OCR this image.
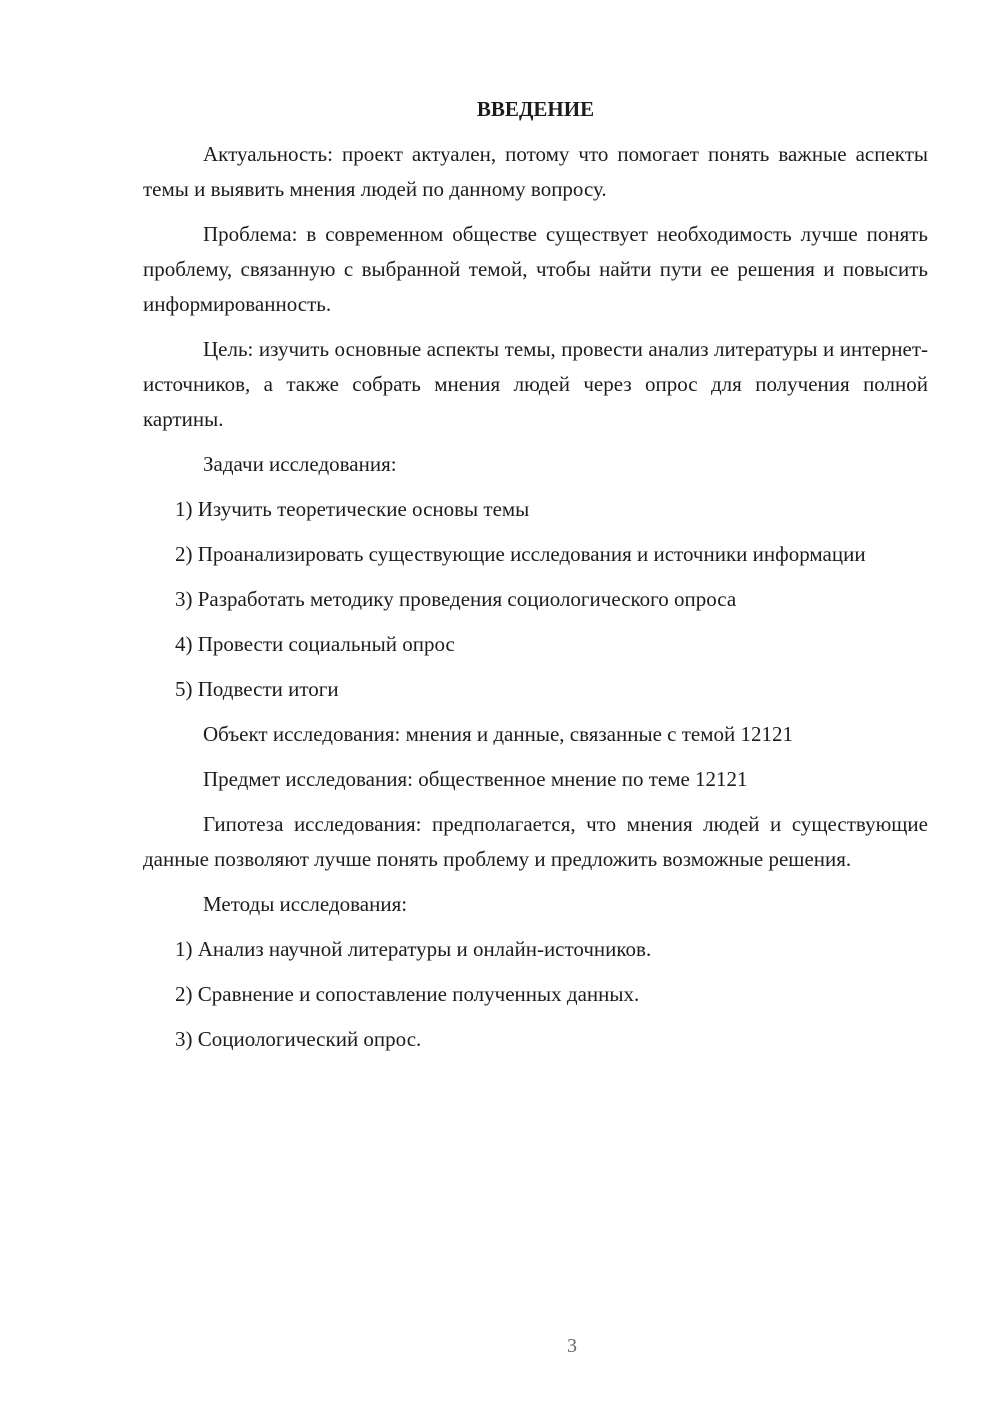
ВВЕДЕНИЕ
Актуальность: проект актуален, потому что помогает понять важные аспекты темы и выявить мнения людей по данному вопросу.
Проблема: в современном обществе существует необходимость лучше понять проблему, связанную с выбранной темой, чтобы найти пути ее решения и повысить информированность.
Цель: изучить основные аспекты темы, провести анализ литературы и интернет-источников, а также собрать мнения людей через опрос для получения полной картины.
Задачи исследования:
1) Изучить теоретические основы темы
2) Проанализировать существующие исследования и источники информации
3) Разработать методику проведения социологического опроса
4) Провести социальный опрос
5) Подвести итоги
Объект исследования: мнения и данные, связанные с темой 12121
Предмет исследования: общественное мнение по теме 12121
Гипотеза исследования: предполагается, что мнения людей и существующие данные позволяют лучше понять проблему и предложить возможные решения.
Методы исследования:
1) Анализ научной литературы и онлайн-источников.
2) Сравнение и сопоставление полученных данных.
3) Социологический опрос.
3
